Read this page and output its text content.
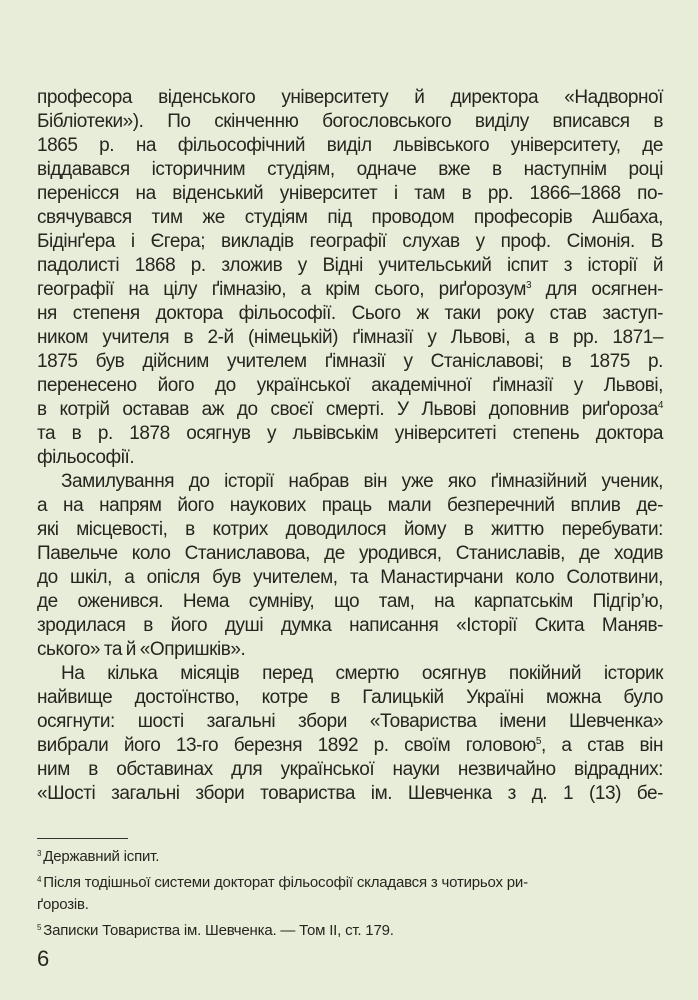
професора віденського університету й директора «Надворної
Бібліотеки»). По скінченню богословського виділу вписався в
1865 р. на фільософічний виділ львівського університету, де
віддавався історичним студіям, одначе вже в наступнім році
перенісся на віденський університет і там в рр. 1866–1868 по-
свячувався тим же студіям під проводом професорів Ашбаха,
Бідінґера і Єгера; викладів географії слухав у проф. Сімонія. В
падолисті 1868 р. зложив у Відні учительський іспит з історії й
географії на цілу ґімназію, а крім сього, риґорозум$^3$ для осягнен-
ня степеня доктора фільософії. Сього ж таки року став заступ-
ником учителя в 2-й (німецькій) ґімназії у Львові, а в рр. 1871–
1875 був дійсним учителем ґімназії у Станіславові; в 1875 р.
перенесено його до української академічної ґімназії у Львові,
в котрій оставав аж до своєї смерті. У Львові доповнив риґороза$^4$
та в р. 1878 осягнув у львівськім університеті степень доктора
фільософії.
Замилування до історії набрав він уже яко ґімназійний ученик,
а на напрям його наукових праць мали безперечний вплив де-
які місцевості, в котрих доводилося йому в життю перебувати:
Павельче коло Станиславова, де уродився, Станиславів, де ходив
до шкіл, а опісля був учителем, та Манастирчани коло Солотвини,
де оженився. Нема сумніву, що там, на карпатськім Підгір’ю,
зродилася в його душі думка написання «Історії Скита Маняв-
ського» та й «Опришків».
На кілька місяців перед смертю осягнув покійний історик
найвище достоїнство, котре в Галицькій Україні можна було
осягнути: шості загальні збори «Товариства імени Шевченка»
вибрали його 13-го березня 1892 р. своїм головою$^5$, а став він
ним в обставинах для української науки незвичайно відрадних:
«Шості загальні збори товариства ім. Шевченка з д. 1 (13) бе-
$^3$ Державний іспит.
$^4$ Після тодішньої системи докторат фільософії складався з чотирьох ри-
ґорозів.
$^5$ Записки Товариства ім. Шевченка. — Том II, ст. 179.
6
